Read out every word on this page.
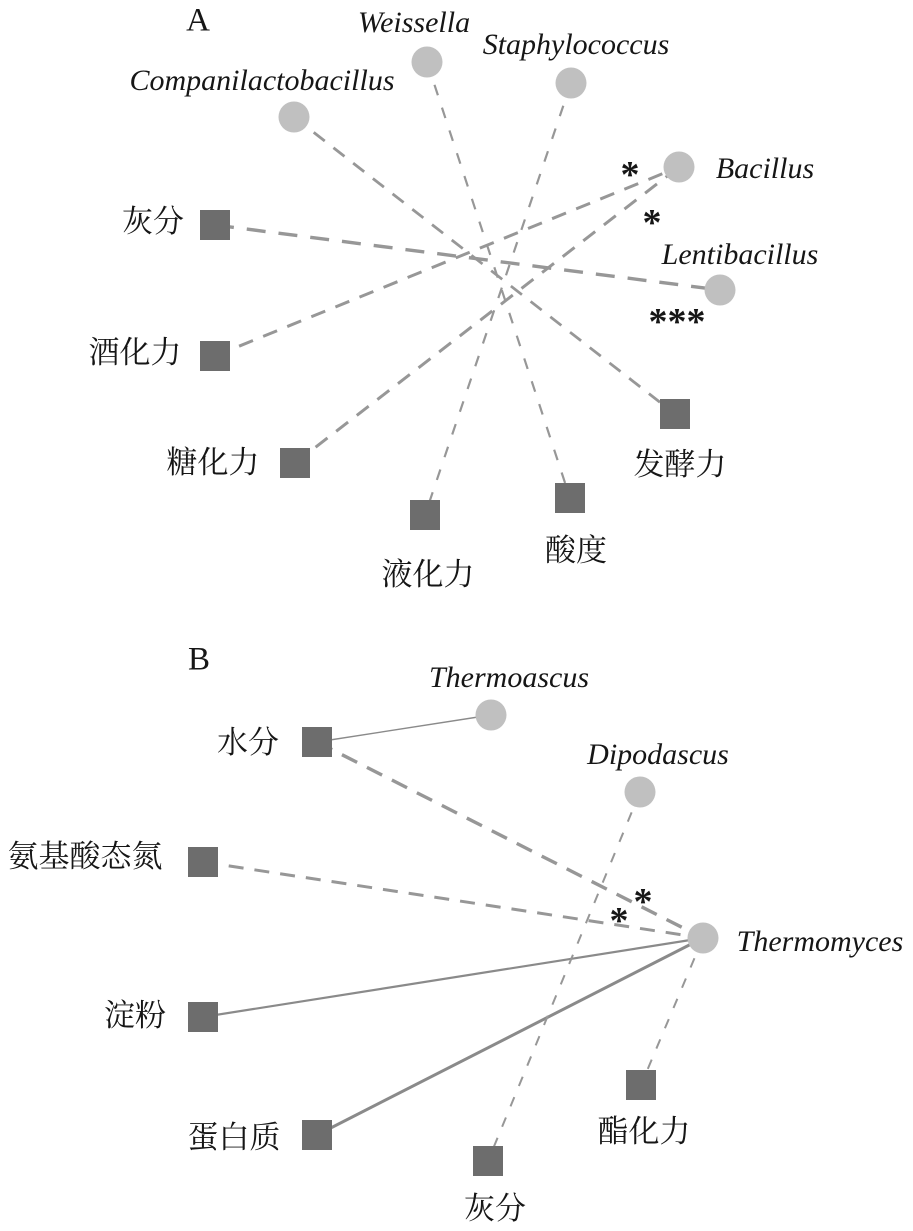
Companilactobacillus
Weissella
Staphylococcus
Bacillus
Lentibacillus
灰分
酒化力
糖化力
液化力
酸度
发酵力
*
*
***
Thermoascus
Dipodascus
Thermomyces
水分
氨基酸态氮
淀粉
蛋白质
灰分
酯化力
*
*
A
B
